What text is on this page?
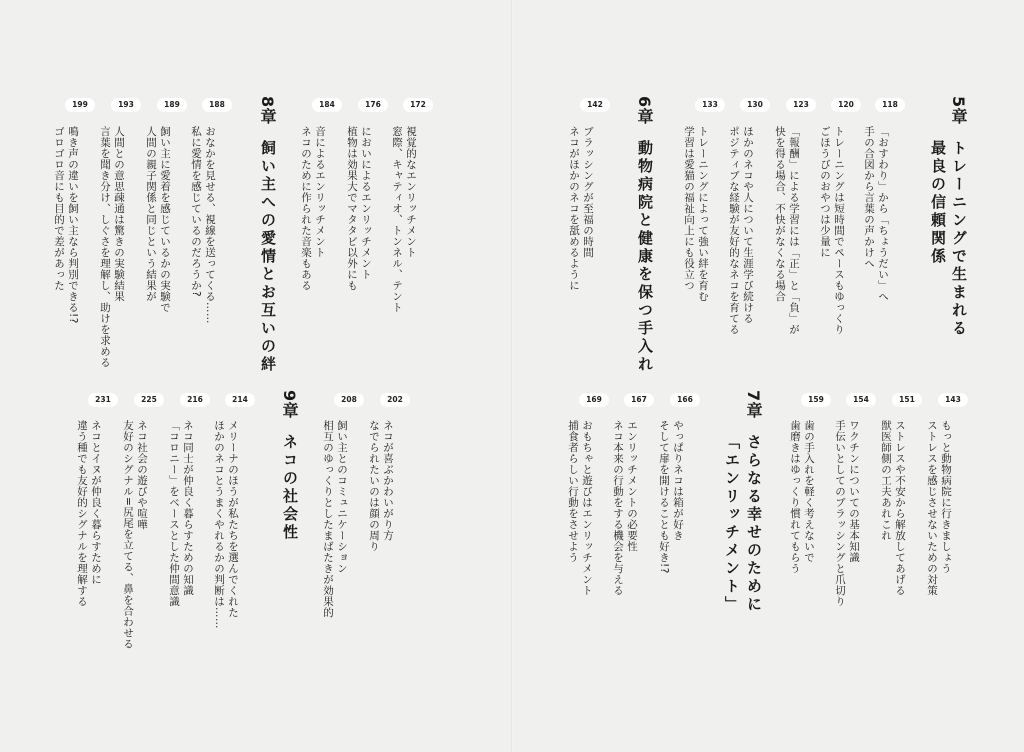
5章
トレーニングで生まれる
最良の信頼関係
118
「おすわり」から「ちょうだい」へ
手の合図から言葉の声かけへ
120
トレーニングは短時間でペースもゆっくり
ごほうびのおやつは少量に
123
「報酬」による学習には「正」と「負」が
快を得る場合、不快がなくなる場合
130
ほかのネコや人について生涯学び続ける
ポジティブな経験が友好的なネコを育てる
133
トレーニングによって強い絆を育む
学習は愛猫の福祉向上にも役立つ
6章
動物病院と健康を保つ手入れ
142
ブラッシングが至福の時間
ネコがほかのネコを舐めるように
143
もっと動物病院に行きましょう
ストレスを感じさせないための対策
151
ストレスや不安から解放してあげる
獣医師側の工夫あれこれ
154
ワクチンについての基本知識
手伝いとしてのブラッシングと爪切り
159
歯の手入れを軽く考えないで
歯磨きはゆっくり慣れてもらう
7章
さらなる幸せのために
「エンリッチメント」
166
やっぱりネコは箱が好き
そして扉を開けることも好き!?
167
エンリッチメントの必要性
ネコ本来の行動をする機会を与える
169
おもちゃと遊びはエンリッチメント
捕食者らしい行動をさせよう
172
視覚的なエンリッチメント
窓際、キャティオ、トンネル、テント
176
においによるエンリッチメント
植物は効果大でマタタビ以外にも
184
音によるエンリッチメント
ネコのために作られた音楽もある
8章
飼い主への愛情とお互いの絆
188
おなかを見せる、視線を送ってくる……
私に愛情を感じているのだろうか?
189
飼い主に愛着を感じているかの実験で
人間の親子関係と同じという結果が
193
人間との意思疎通は驚きの実験結果
言葉を聞き分け、しぐさを理解し、助けを求める
199
鳴き声の違いを飼い主なら判別できる!?
ゴロゴロ音にも目的で差があった
202
ネコが喜ぶかわいがり方
なでられたいのは顔の周り
208
飼い主とのコミュニケーション
相互のゆっくりとしたまばたきが効果的
9章
ネコの社会性
214
メリーナのほうが私たちを選んでくれた
ほかのネコとうまくやれるかの判断は……
216
ネコ同士が仲良く暮らすための知識
「コロニー」をベースとした仲間意識
225
ネコ社会の遊びや喧嘩
友好のシグナル=尻尾を立てる、鼻を合わせる
231
ネコとイヌが仲良く暮らすために
違う種でも友好的シグナルを理解する
